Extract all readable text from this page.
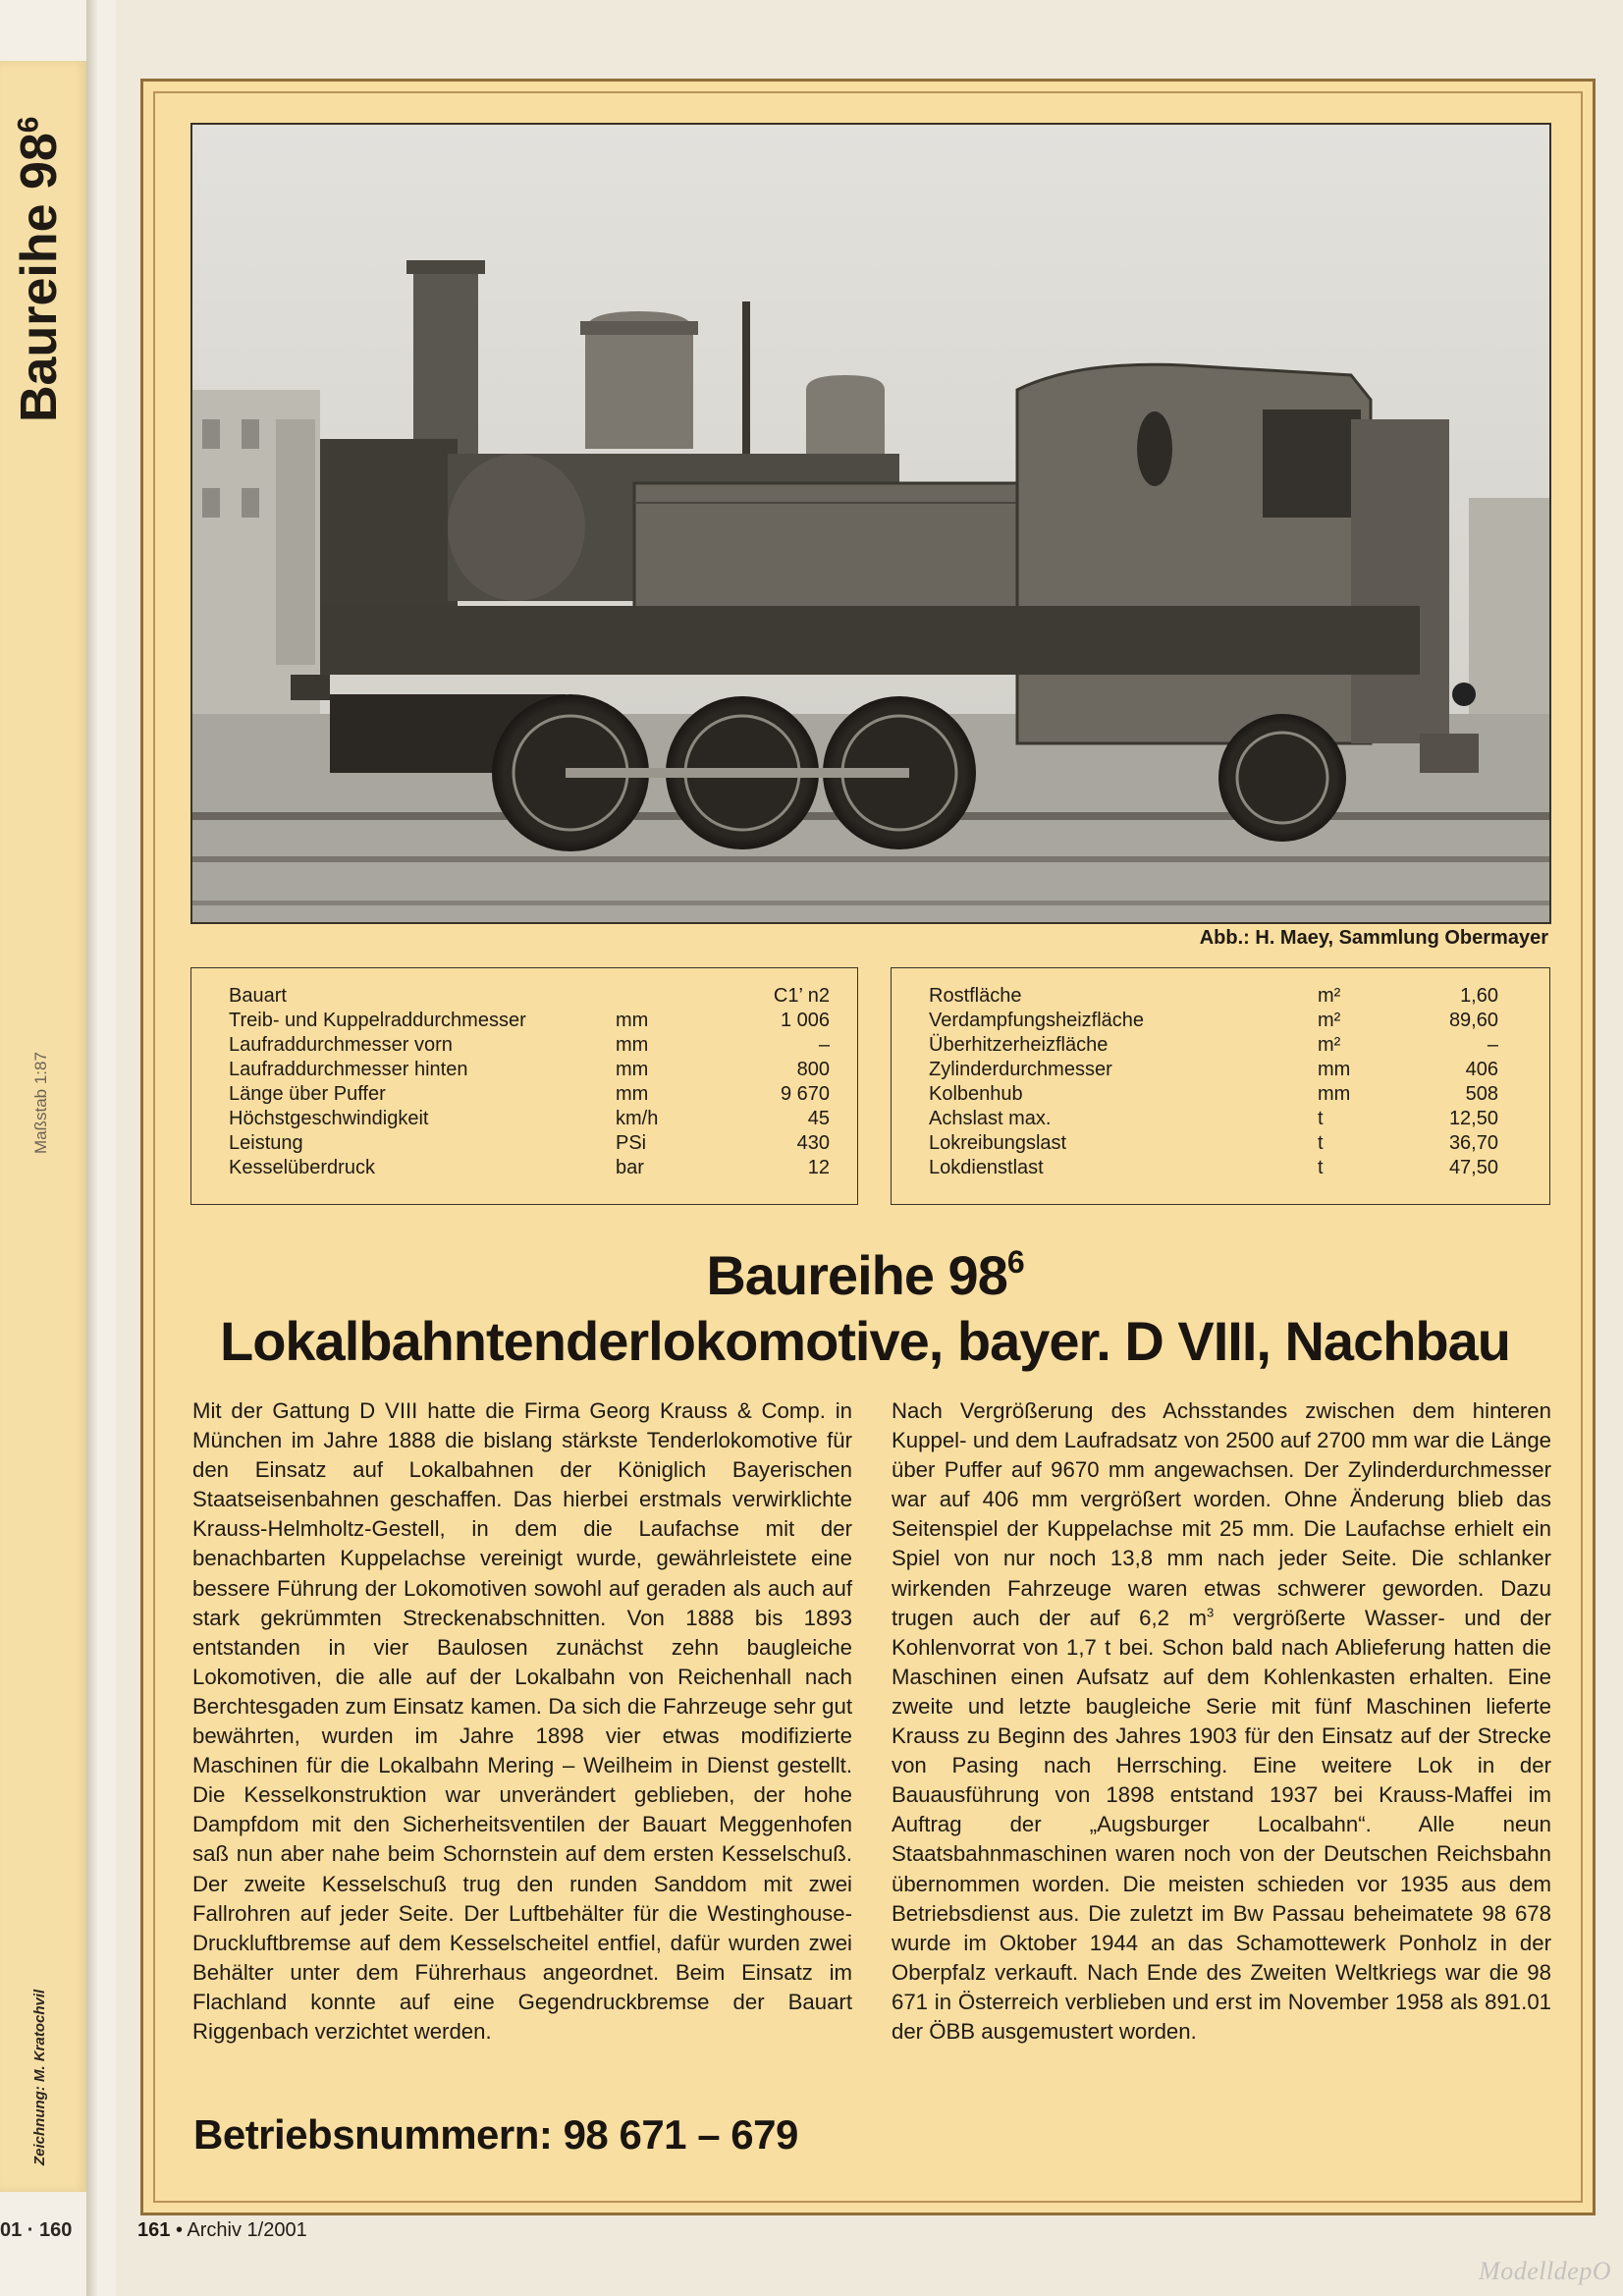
Baureihe $98^6$
Maßstab 1:87
Zeichnung: M. Kratochvil
01 · 160
Abb.: H. Maey, Sammlung Obermayer
Bauart	C1’ n2
Treib- und Kuppelraddurchmesser	mm	1 006
Laufraddurchmesser vorn	mm	–
Laufraddurchmesser hinten	mm	800
Länge über Puffer	mm	9 670
Höchstgeschwindigkeit	km/h	45
Leistung	PSi	430
Kesselüberdruck	bar	12
Rostfläche	m²	1,60
Verdampfungsheizfläche	m²	89,60
Überhitzerheizfläche	m²	–
Zylinderdurchmesser	mm	406
Kolbenhub	mm	508
Achslast max.	t	12,50
Lokreibungslast	t	36,70
Lokdienstlast	t	47,50
Baureihe $98^6$
Lokalbahntenderlokomotive, bayer. D VIII, Nachbau
Mit der Gattung D VIII hatte die Firma Georg Krauss & Comp. in München im Jahre 1888 die bislang stärkste Tenderlokomotive für den Einsatz auf Lokalbahnen der Königlich Bayerischen Staatseisenbahnen geschaffen. Das hierbei erstmals verwirklichte Krauss-Helmholtz-Gestell, in dem die Laufachse mit der benachbarten Kuppelachse vereinigt wurde, gewährleistete eine bessere Führung der Lokomotiven sowohl auf geraden als auch auf stark gekrümmten Streckenabschnitten. Von 1888 bis 1893 entstanden in vier Baulosen zunächst zehn baugleiche Lokomotiven, die alle auf der Lokalbahn von Reichenhall nach Berchtesgaden zum Einsatz kamen. Da sich die Fahrzeuge sehr gut bewährten, wurden im Jahre 1898 vier etwas modifizierte Maschinen für die Lokalbahn Mering – Weilheim in Dienst gestellt. Die Kesselkonstruktion war unverändert geblieben, der hohe Dampfdom mit den Sicherheitsventilen der Bauart Meggenhofen saß nun aber nahe beim Schornstein auf dem ersten Kesselschuß. Der zweite Kesselschuß trug den runden Sanddom mit zwei Fallrohren auf jeder Seite. Der Luftbehälter für die Westinghouse-Druckluftbremse auf dem Kesselscheitel entfiel, dafür wurden zwei Behälter unter dem Führerhaus angeordnet. Beim Einsatz im Flachland konnte auf eine Gegendruckbremse der Bauart Riggenbach verzichtet werden.
Nach Vergrößerung des Achsstandes zwischen dem hinteren Kuppel- und dem Laufradsatz von 2500 auf 2700 mm war die Länge über Puffer auf 9670 mm angewachsen. Der Zylinderdurchmesser war auf 406 mm vergrößert worden. Ohne Änderung blieb das Seitenspiel der Kuppelachse mit 25 mm. Die Laufachse erhielt ein Spiel von nur noch 13,8 mm nach jeder Seite. Die schlanker wirkenden Fahrzeuge waren etwas schwerer geworden. Dazu trugen auch der auf 6,2 $m^3$ vergrößerte Wasser- und der Kohlenvorrat von 1,7 t bei. Schon bald nach Ablieferung hatten die Maschinen einen Aufsatz auf dem Kohlenkasten erhalten. Eine zweite und letzte baugleiche Serie mit fünf Maschinen lieferte Krauss zu Beginn des Jahres 1903 für den Einsatz auf der Strecke von Pasing nach Herrsching. Eine weitere Lok in der Bauausführung von 1898 entstand 1937 bei Krauss-Maffei im Auftrag der „Augsburger Localbahn“. Alle neun Staatsbahnmaschinen waren noch von der Deutschen Reichsbahn übernommen worden. Die meisten schieden vor 1935 aus dem Betriebsdienst aus. Die zuletzt im Bw Passau beheimatete 98 678 wurde im Oktober 1944 an das Schamottewerk Ponholz in der Oberpfalz verkauft. Nach Ende des Zweiten Weltkriegs war die 98 671 in Österreich verblieben und erst im November 1958 als 891.01 der ÖBB ausgemustert worden.
Betriebsnummern: 98 671 – 679
161 • Archiv 1/2001
ModelldepO
